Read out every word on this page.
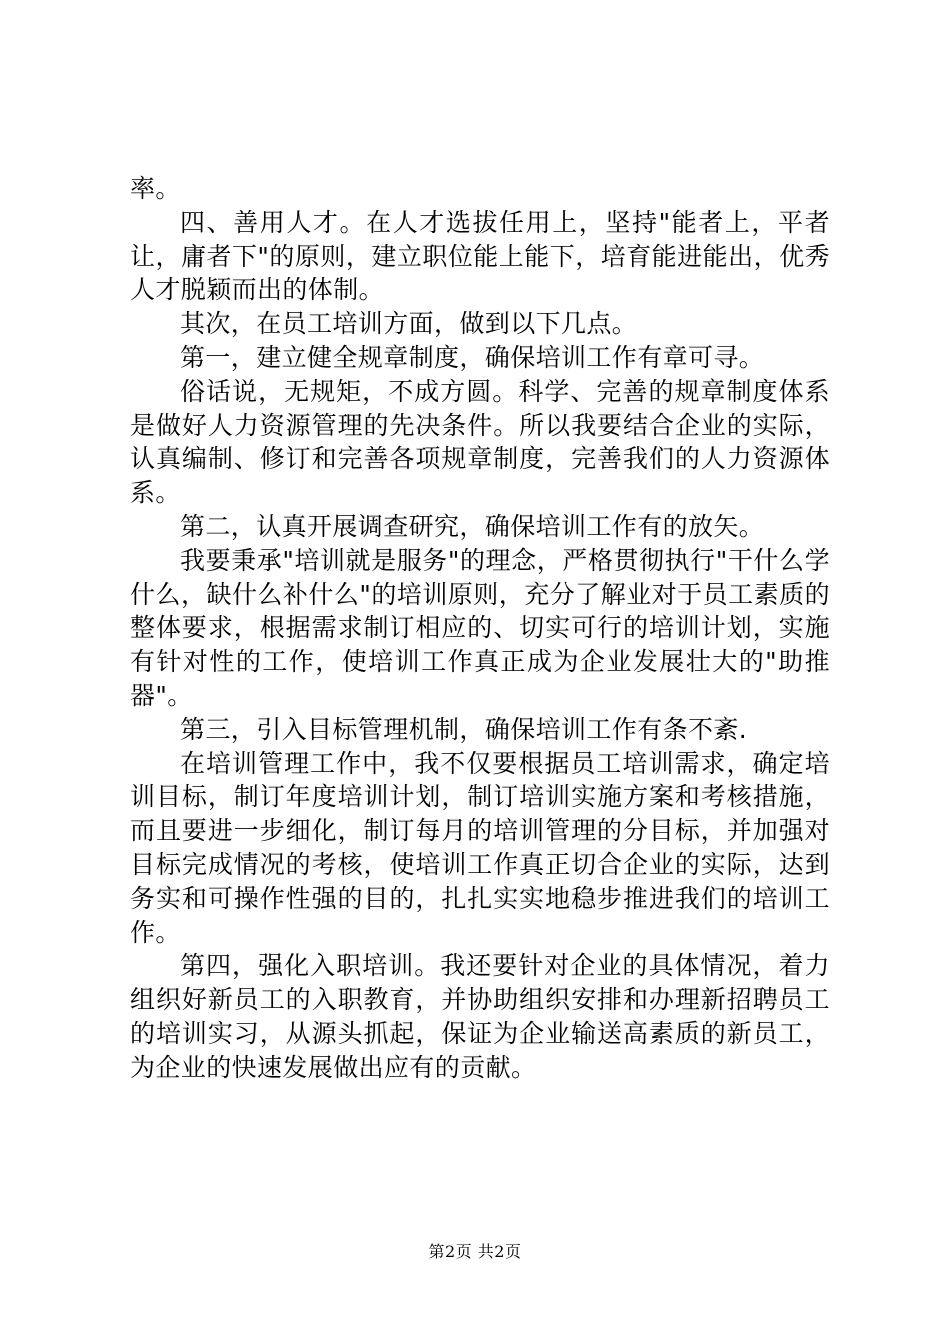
率。

四、善用人才。在人才选拔任用上，坚持"能者上，平者让，庸者下"的原则，建立职位能上能下，培育能进能出，优秀人才脱颖而出的体制。

其次，在员工培训方面，做到以下几点。

第一，建立健全规章制度，确保培训工作有章可寻。

俗话说，无规矩，不成方圆。科学、完善的规章制度体系是做好人力资源管理的先决条件。所以我要结合企业的实际，认真编制、修订和完善各项规章制度，完善我们的人力资源体系。

第二，认真开展调查研究，确保培训工作有的放矢。

我要秉承"培训就是服务"的理念，严格贯彻执行"干什么学什么，缺什么补什么"的培训原则，充分了解业对于员工素质的整体要求，根据需求制订相应的、切实可行的培训计划，实施有针对性的工作，使培训工作真正成为企业发展壮大的"助推器"。

第三，引入目标管理机制，确保培训工作有条不紊.

在培训管理工作中，我不仅要根据员工培训需求，确定培训目标，制订年度培训计划，制订培训实施方案和考核措施，而且要进一步细化，制订每月的培训管理的分目标，并加强对目标完成情况的考核，使培训工作真正切合企业的实际，达到务实和可操作性强的目的，扎扎实实地稳步推进我们的培训工作。

第四，强化入职培训。我还要针对企业的具体情况，着力组织好新员工的入职教育，并协助组织安排和办理新招聘员工的培训实习，从源头抓起，保证为企业输送高素质的新员工，为企业的快速发展做出应有的贡献。

第2页 共2页
